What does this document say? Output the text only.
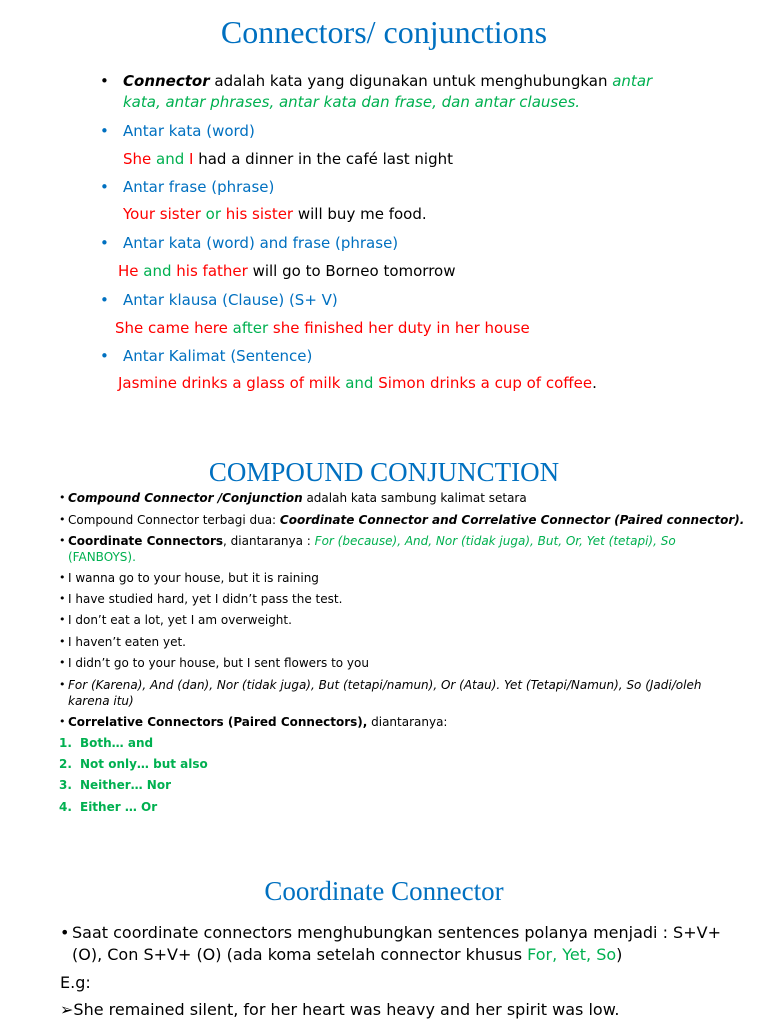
Connectors/ conjunctions
• Connector adalah kata yang digunakan untuk menghubungkan antar
kata, antar phrases, antar kata dan frase, dan antar clauses.
• Antar kata (word)
She and I had a dinner in the café last night
• Antar frase (phrase)
Your sister or his sister will buy me food.
• Antar kata (word) and frase (phrase)
He and his father will go to Borneo tomorrow
• Antar klausa (Clause) (S+ V)
She came here after she finished her duty in her house
• Antar Kalimat (Sentence)
Jasmine drinks a glass of milk and Simon drinks a cup of coffee.
COMPOUND CONJUNCTION
• Compound Connector /Conjunction adalah kata sambung kalimat setara
• Compound Connector terbagi dua: Coordinate Connector and Correlative Connector (Paired connector).
• Coordinate Connectors, diantaranya : For (because), And, Nor (tidak juga), But, Or, Yet (tetapi), So
(FANBOYS).
• I wanna go to your house, but it is raining
• I have studied hard, yet I didn’t pass the test.
• I don’t eat a lot, yet I am overweight.
• I haven’t eaten yet.
• I didn’t go to your house, but I sent flowers to you
• For (Karena), And (dan), Nor (tidak juga), But (tetapi/namun), Or (Atau). Yet (Tetapi/Namun), So (Jadi/oleh
karena itu)
• Correlative Connectors (Paired Connectors), diantaranya:
1. Both… and
2. Not only… but also
3. Neither… Nor
4. Either … Or
Coordinate Connector
• Saat coordinate connectors menghubungkan sentences polanya menjadi : S+V+
(O), Con S+V+ (O) (ada koma setelah connector khusus For, Yet, So)
E.g:
➢She remained silent, for her heart was heavy and her spirit was low.
